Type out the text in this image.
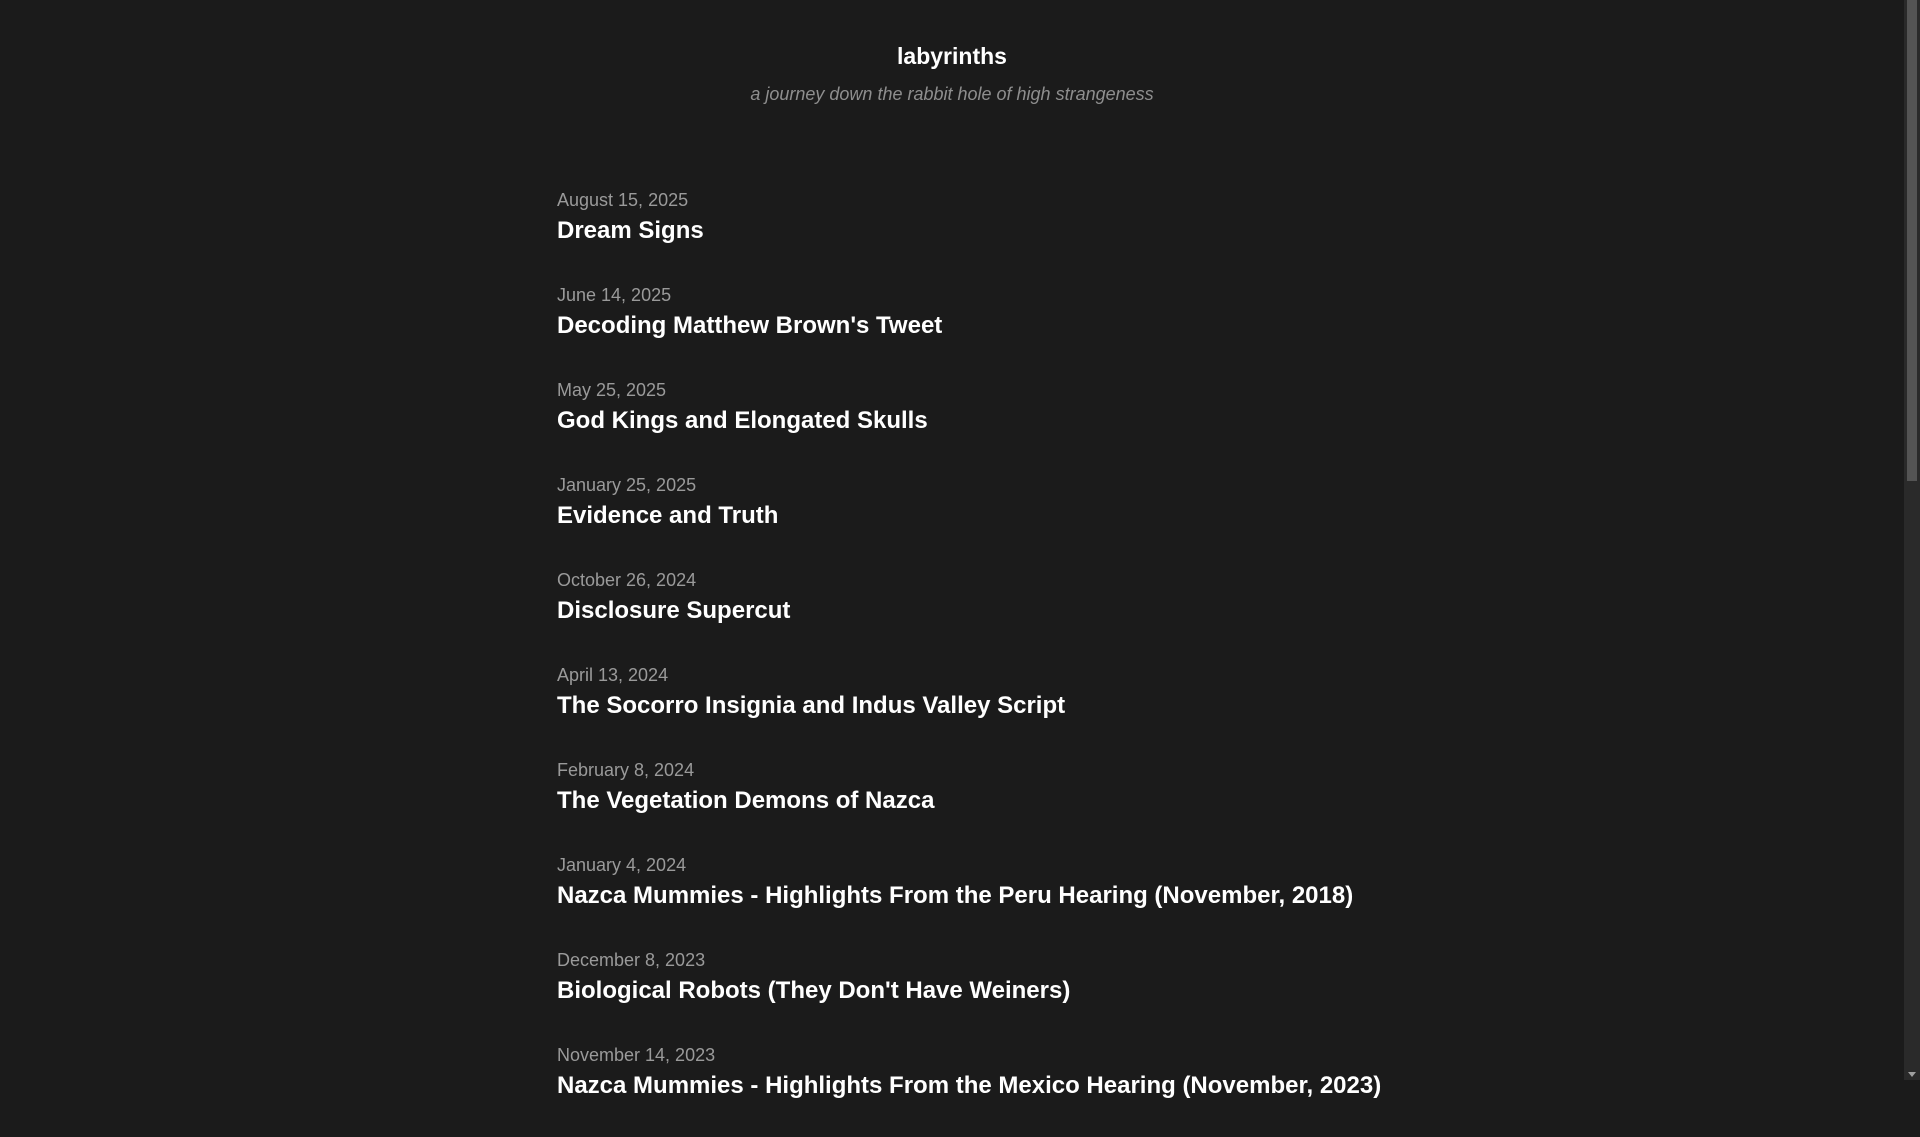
labyrinths

a journey down the rabbit hole of high strangeness

August 15, 2025
Dream Signs
June 14, 2025
Decoding Matthew Brown's Tweet
May 25, 2025
God Kings and Elongated Skulls
January 25, 2025
Evidence and Truth
October 26, 2024
Disclosure Supercut
April 13, 2024
The Socorro Insignia and Indus Valley Script
February 8, 2024
The Vegetation Demons of Nazca
January 4, 2024
Nazca Mummies - Highlights From the Peru Hearing (November, 2018)
December 8, 2023
Biological Robots (They Don't Have Weiners)
November 14, 2023
Nazca Mummies - Highlights From the Mexico Hearing (November, 2023)
